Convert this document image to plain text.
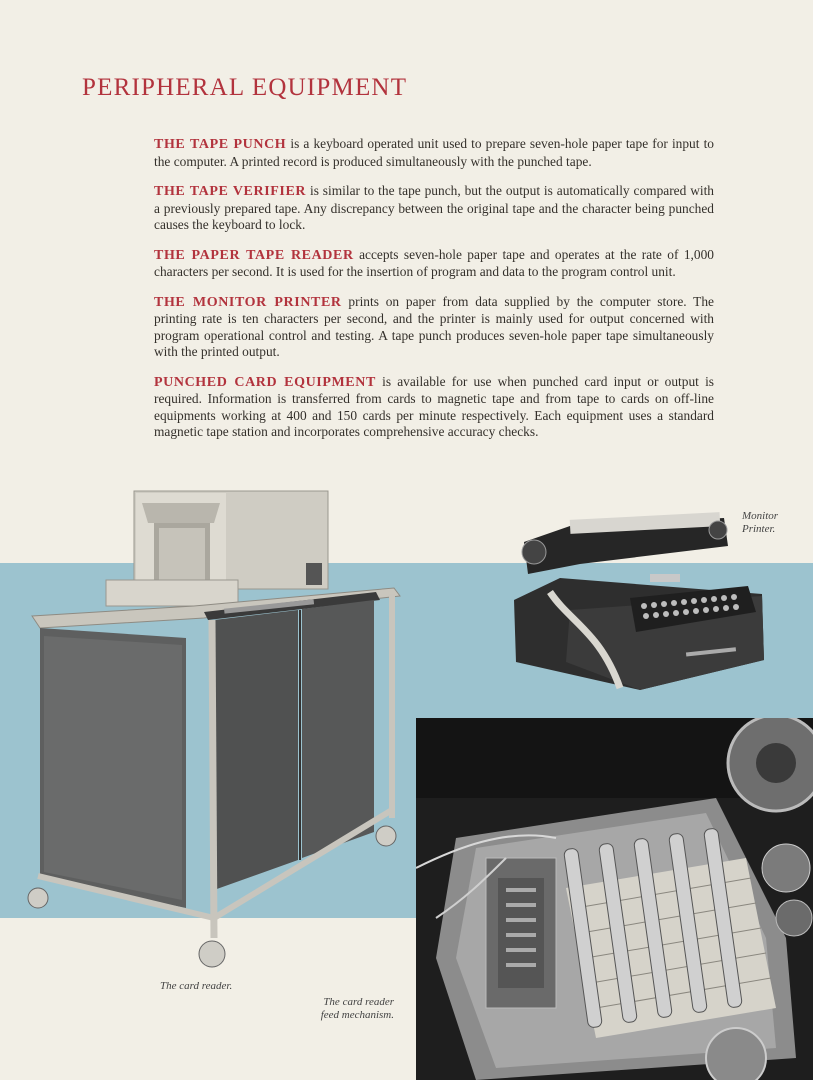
PERIPHERAL EQUIPMENT

THE TAPE PUNCH is a keyboard operated unit used to prepare seven-hole paper tape for input to the computer. A printed record is produced simultaneously with the punched tape.

THE TAPE VERIFIER is similar to the tape punch, but the output is automatically compared with a previously prepared tape. Any discrepancy between the original tape and the character being punched causes the keyboard to lock.

THE PAPER TAPE READER accepts seven-hole paper tape and operates at the rate of 1,000 characters per second. It is used for the insertion of program and data to the program control unit.

THE MONITOR PRINTER prints on paper from data supplied by the computer store. The printing rate is ten characters per second, and the printer is mainly used for output concerned with program operational control and testing. A tape punch produces seven-hole paper tape simultaneously with the printed output.

PUNCHED CARD EQUIPMENT is available for use when punched card input or output is required. Information is transferred from cards to magnetic tape and from tape to cards on off-line equipments working at 400 and 150 cards per minute respectively. Each equipment uses a standard magnetic tape station and incorporates comprehensive accuracy checks.

Monitor
Printer.
The card reader.
The card reader
feed mechanism.
